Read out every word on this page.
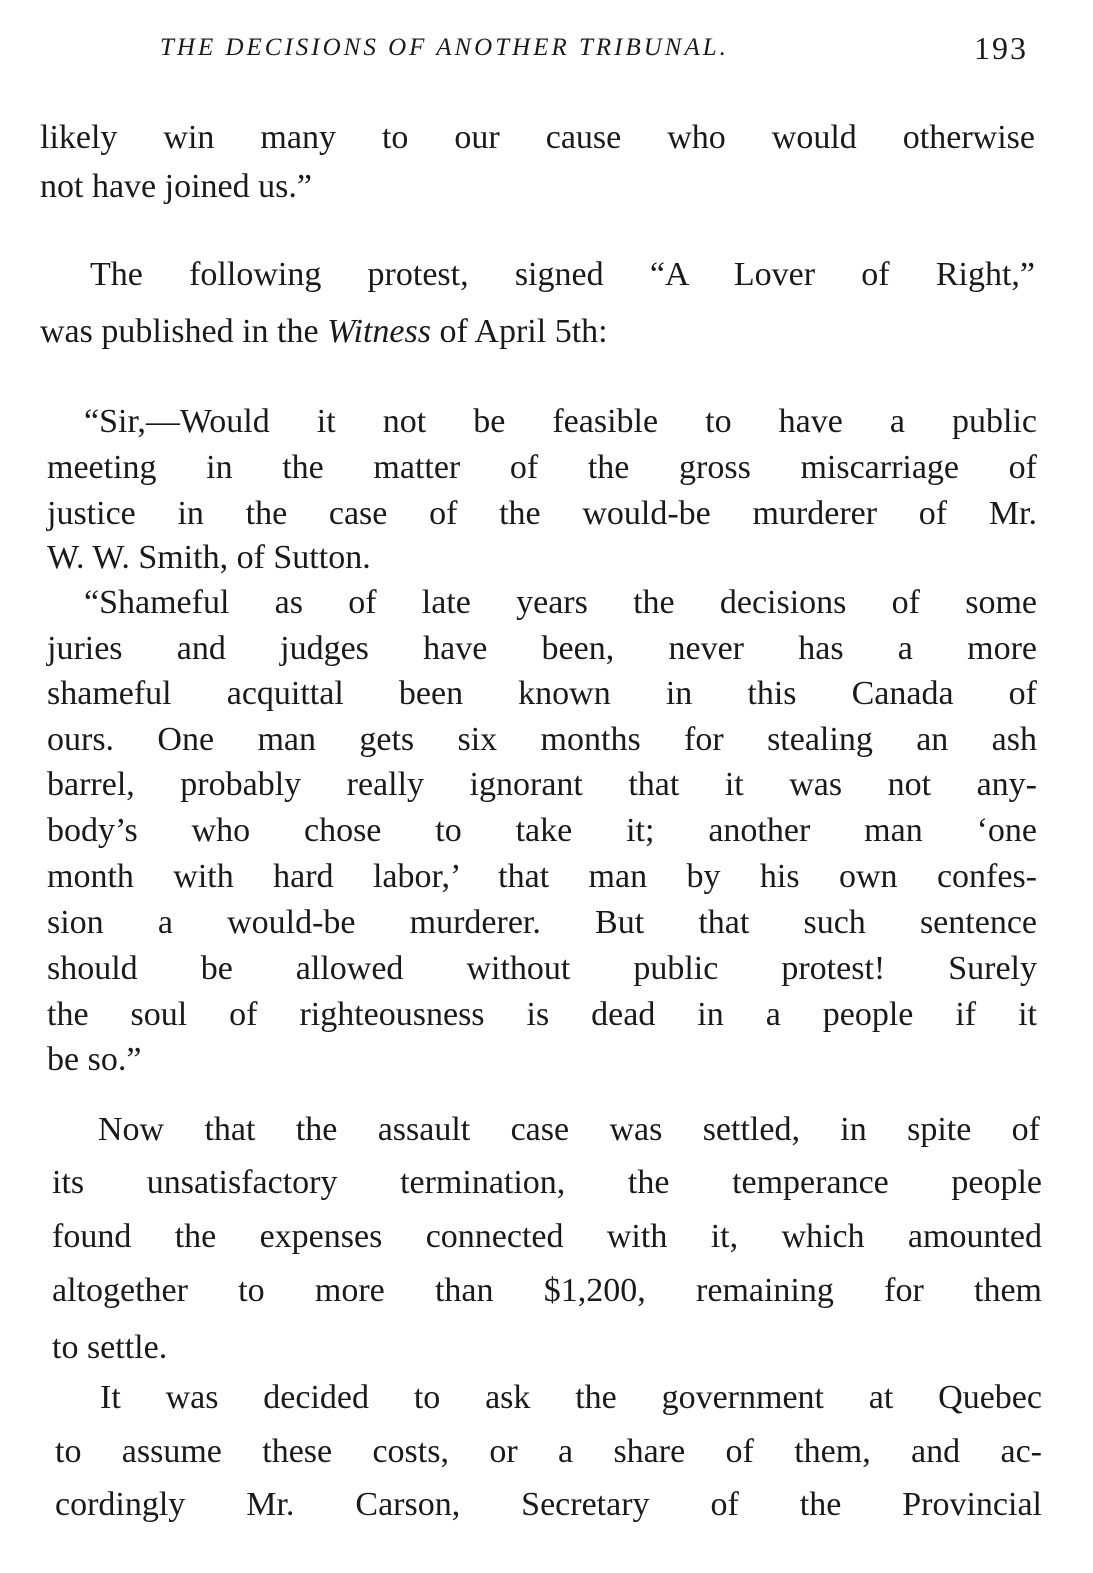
THE DECISIONS OF ANOTHER TRIBUNAL.	193
likely win many to our cause who would otherwise
not have joined us.”
The following protest, signed “A Lover of Right,”
was published in the Witness of April 5th:
“Sir,—Would it not be feasible to have a public
meeting in the matter of the gross miscarriage of
justice in the case of the would-be murderer of Mr.
W. W. Smith, of Sutton.
“Shameful as of late years the decisions of some
juries and judges have been, never has a more
shameful acquittal been known in this Canada of
ours. One man gets six months for stealing an ash
barrel, probably really ignorant that it was not any-
body’s who chose to take it; another man ‘one
month with hard labor,’ that man by his own confes-
sion a would-be murderer. But that such sentence
should be allowed without public protest! Surely
the soul of righteousness is dead in a people if it
be so.”
Now that the assault case was settled, in spite of
its unsatisfactory termination, the temperance people
found the expenses connected with it, which amounted
altogether to more than $1,200, remaining for them
to settle.
It was decided to ask the government at Quebec
to assume these costs, or a share of them, and ac-
cordingly Mr. Carson, Secretary of the Provincial
